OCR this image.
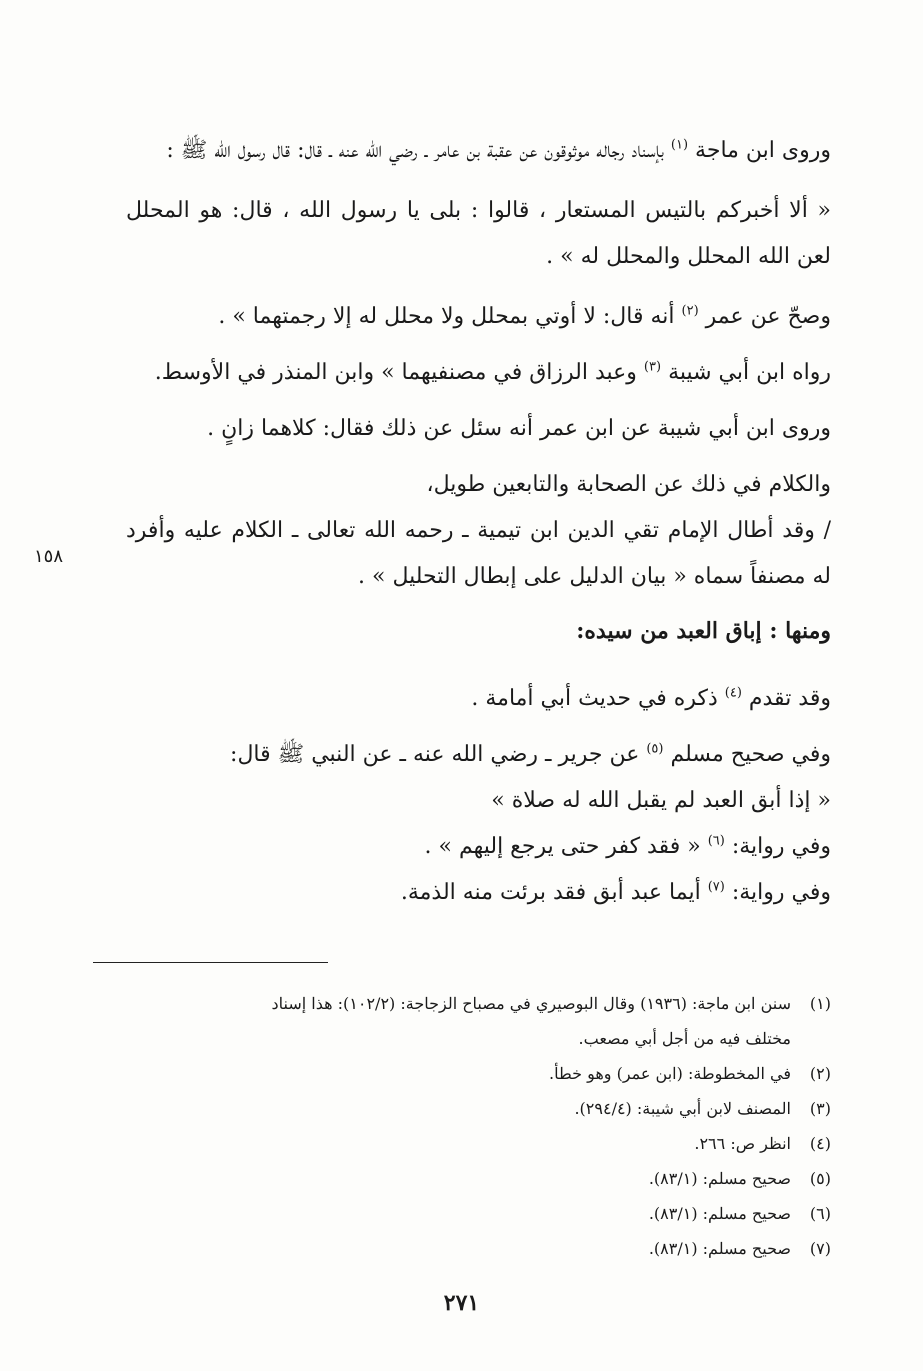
وروى ابن ماجة $^{(١)}$ بإسناد رجاله موثوقون عن عقبة بن عامر ـ رضي الله عنه ـ قال: قال رسول الله ﷺ :

« ألا أخبركم بالتيس المستعار ، قالوا : بلى يا رسول الله ، قال: هو المحلل لعن الله المحلل والمحلل له » .

وصحّ عن عمر $^{(٢)}$ أنه قال: لا أوتي بمحلل ولا محلل له إلا رجمتهما » .

رواه ابن أبي شيبة $^{(٣)}$ وعبد الرزاق في مصنفيهما » وابن المنذر في الأوسط.

وروى ابن أبي شيبة عن ابن عمر أنه سئل عن ذلك فقال: كلاهما زانٍ .

والكلام في ذلك عن الصحابة والتابعين طويل،

/ وقد أطال الإمام تقي الدين ابن تيمية ـ رحمه الله تعالى ـ الكلام عليه وأفرد له مصنفاً سماه « بيان الدليل على إبطال التحليل » .

ومنها : إباق العبد من سيده:

وقد تقدم $^{(٤)}$ ذكره في حديث أبي أمامة .

وفي صحيح مسلم $^{(٥)}$ عن جرير ـ رضي الله عنه ـ عن النبي ﷺ قال:

« إذا أبق العبد لم يقبل الله له صلاة »

وفي رواية: $^{(٦)}$ « فقد كفر حتى يرجع إليهم » .

وفي رواية: $^{(٧)}$ أيما عبد أبق فقد برئت منه الذمة.

١٥٨

(١)سنن ابن ماجة: (١٩٣٦) وقال البوصيري في مصباح الزجاجة: (١٠٢/٢): هذا إسناد

مختلف فيه من أجل أبي مصعب.

(٢)في المخطوطة: (ابن عمر) وهو خطأ.

(٣)المصنف لابن أبي شيبة: (٢٩٤/٤).

(٤)انظر ص: ٢٦٦.

(٥)صحيح مسلم: (٨٣/١).

(٦)صحيح مسلم: (٨٣/١).

(٧)صحيح مسلم: (٨٣/١).

٢٧١
